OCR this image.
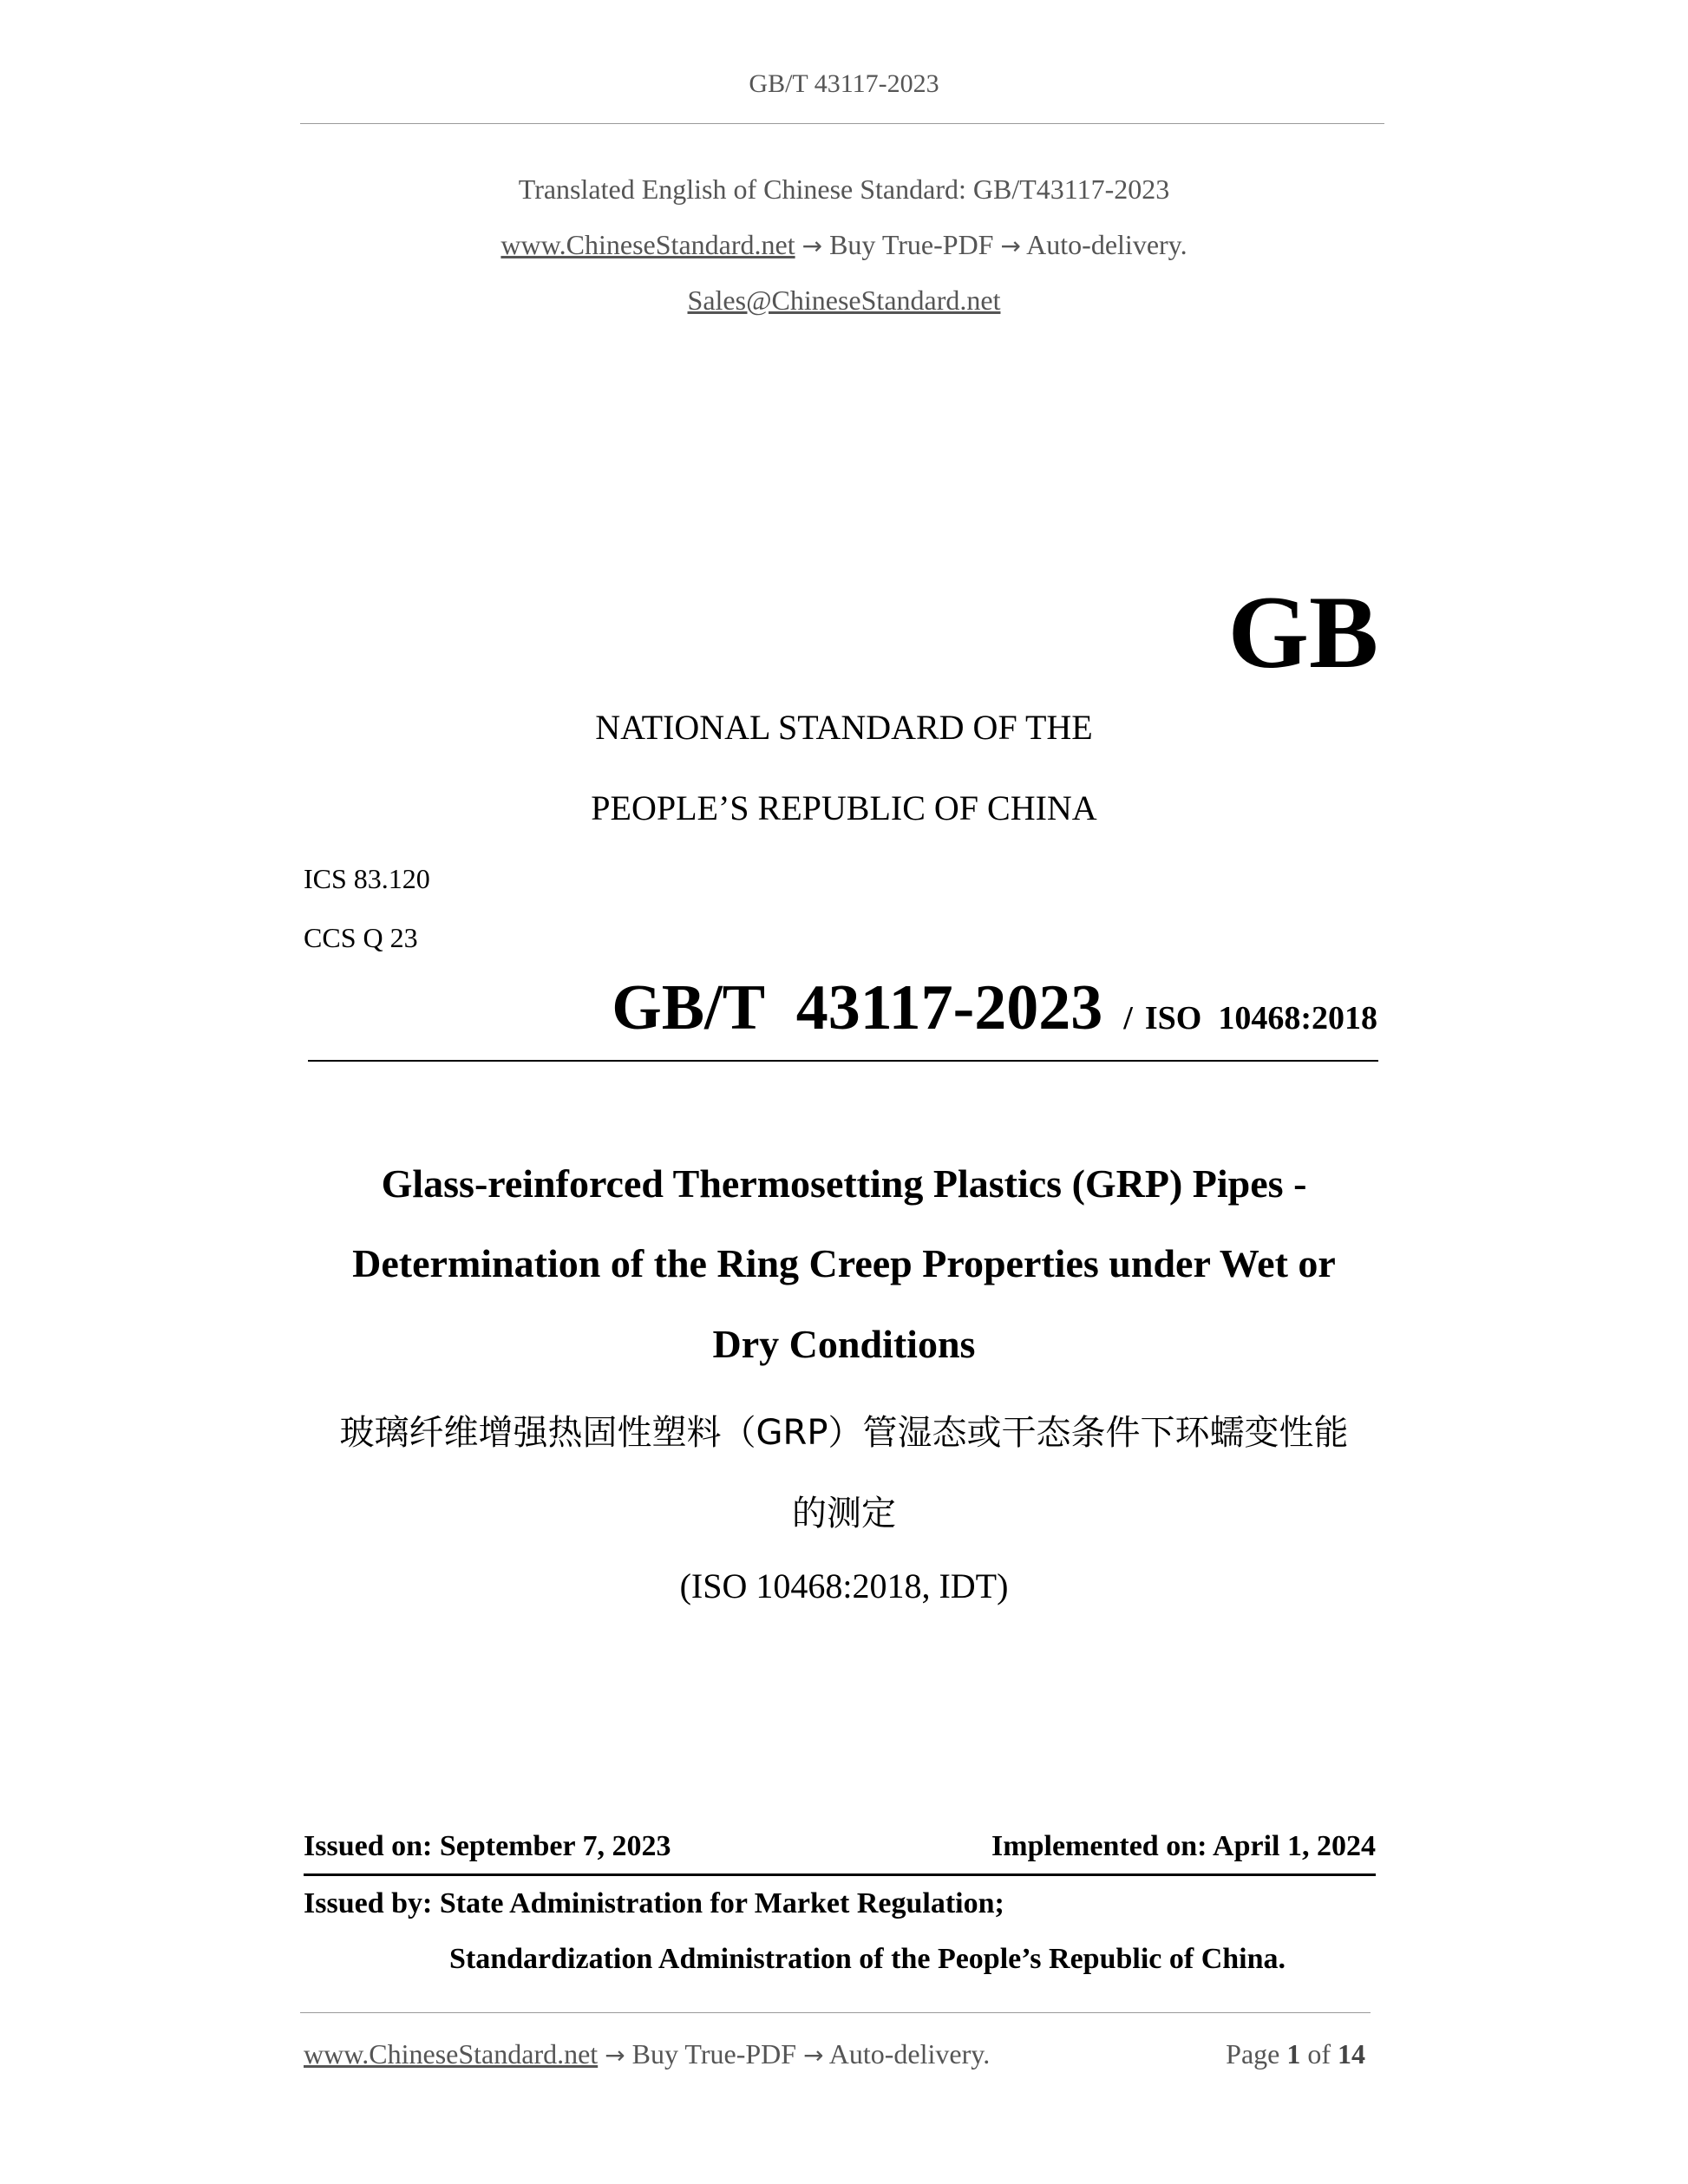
GB/T 43117-2023
Translated English of Chinese Standard: GB/T43117-2023
www.ChineseStandard.net → Buy True-PDF → Auto-delivery.
Sales@ChineseStandard.net
GB
NATIONAL STANDARD OF THE
PEOPLE’S REPUBLIC OF CHINA
ICS 83.120
CCS Q 23
GB/T  43117-2023 / ISO  10468:2018
Glass-reinforced Thermosetting Plastics (GRP) Pipes -
Determination of the Ring Creep Properties under Wet or
Dry Conditions
玻璃纤维增强热固性塑料（GRP）管湿态或干态条件下环蠕变性能
的测定
(ISO 10468:2018, IDT)
Issued on: September 7, 2023	Implemented on: April 1, 2024
Issued by: State Administration for Market Regulation;
Standardization Administration of the People’s Republic of China.
www.ChineseStandard.net → Buy True-PDF → Auto-delivery.	Page 1 of 14
